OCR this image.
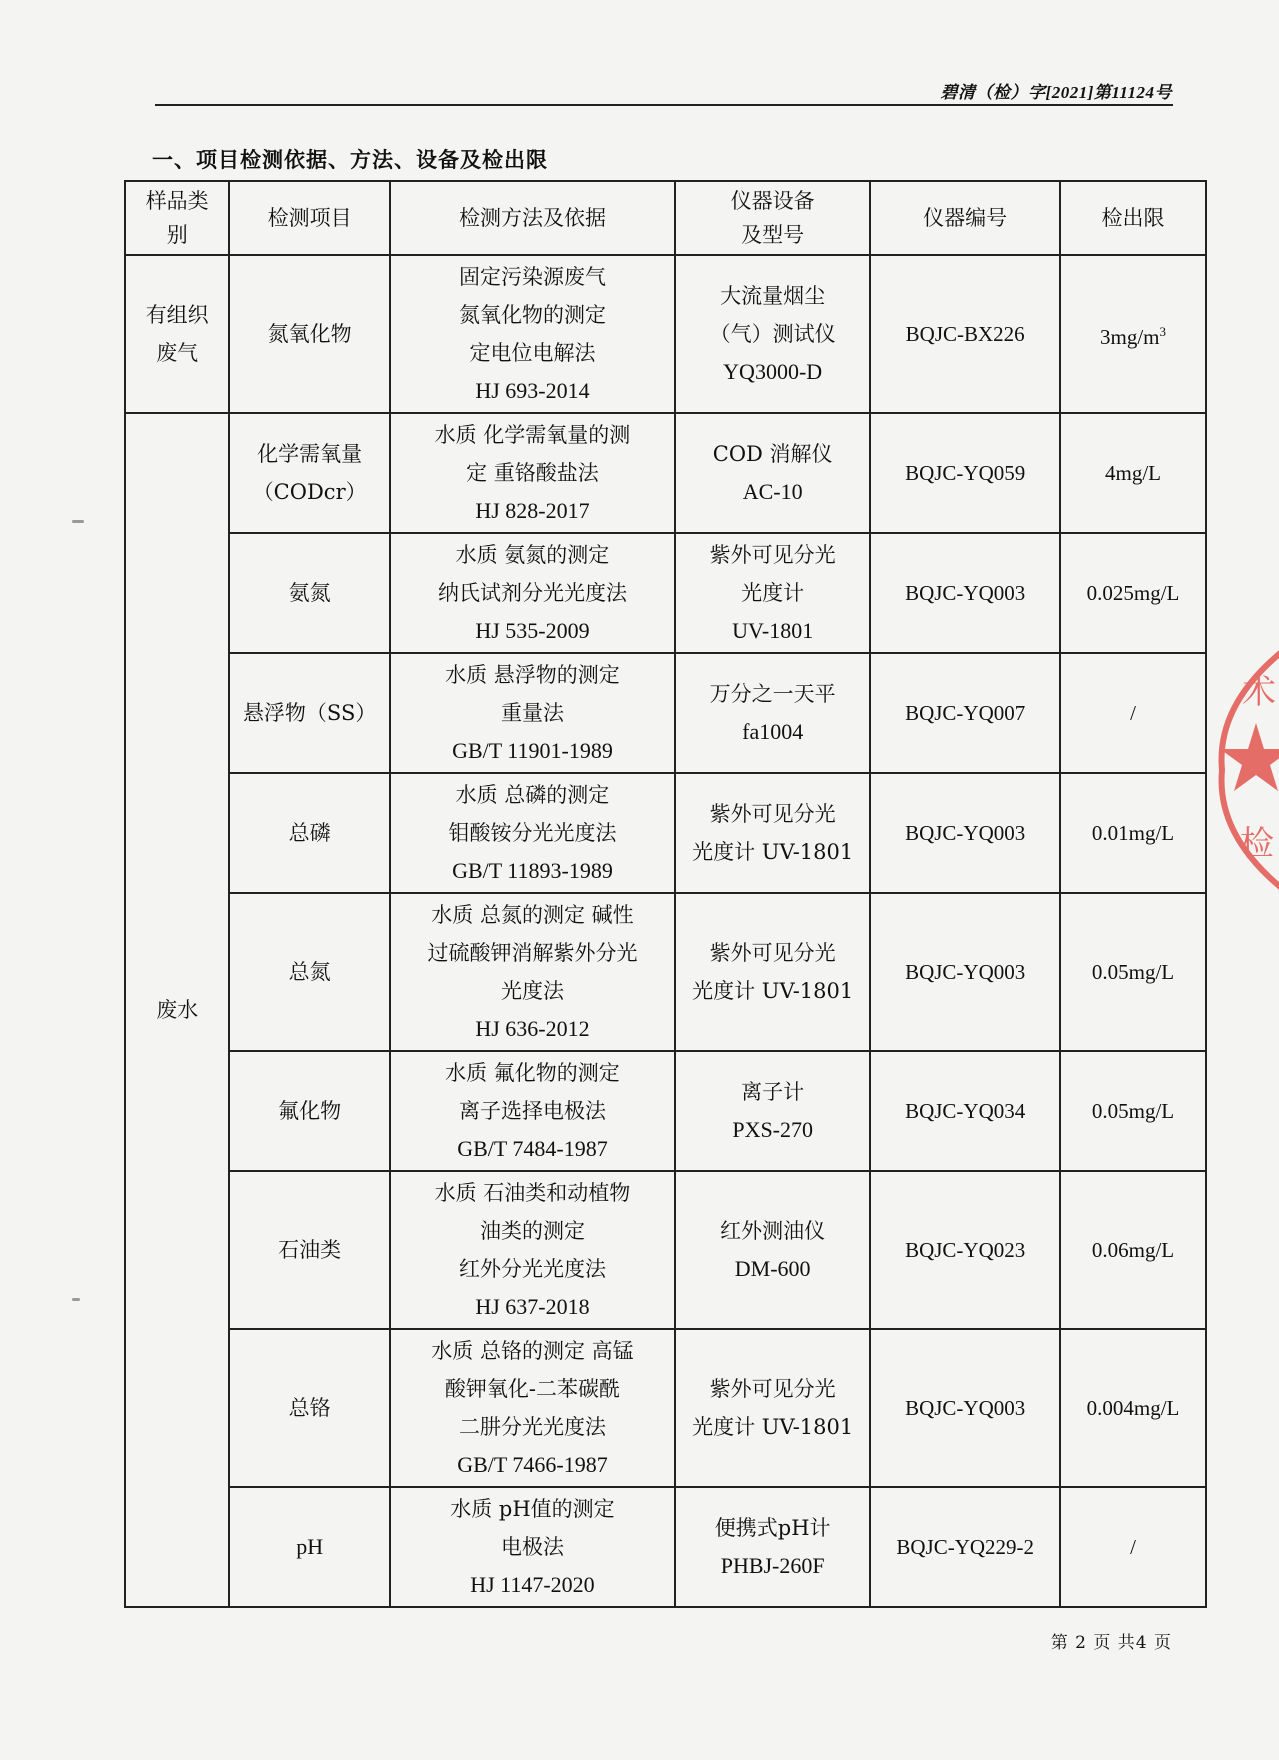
碧清（检）字[2021]第11124号
一、项目检测依据、方法、设备及检出限
样品类
别	检测项目	检测方法及依据	仪器设备
及型号	仪器编号	检出限

有组织
废气	氮氧化物	固定污染源废气
氮氧化物的测定
定电位电解法
HJ 693-2014	大流量烟尘
（气）测试仪
YQ3000-D	BQJC-BX226	$3mg/m^3$

废水	化学需氧量
（CODcr）	水质 化学需氧量的测
定 重铬酸盐法
HJ 828-2017	COD 消解仪
AC-10	BQJC-YQ059	4mg/L

	氨氮	水质 氨氮的测定
纳氏试剂分光光度法
HJ 535-2009	紫外可见分光
光度计
UV-1801	BQJC-YQ003	0.025mg/L

	悬浮物（SS）	水质 悬浮物的测定
重量法
GB/T 11901-1989	万分之一天平
fa1004	BQJC-YQ007	/

	总磷	水质 总磷的测定
钼酸铵分光光度法
GB/T 11893-1989	紫外可见分光
光度计 UV-1801	BQJC-YQ003	0.01mg/L

	总氮	水质 总氮的测定 碱性
过硫酸钾消解紫外分光
光度法
HJ 636-2012	紫外可见分光
光度计 UV-1801	BQJC-YQ003	0.05mg/L

	氟化物	水质 氟化物的测定
离子选择电极法
GB/T 7484-1987	离子计
PXS-270	BQJC-YQ034	0.05mg/L

	石油类	水质 石油类和动植物
油类的测定
红外分光光度法
HJ 637-2018	红外测油仪
DM-600	BQJC-YQ023	0.06mg/L

	总铬	水质 总铬的测定 高锰
酸钾氧化-二苯碳酰
二肼分光光度法
GB/T 7466-1987	紫外可见分光
光度计 UV-1801	BQJC-YQ003	0.004mg/L

	pH	水质 pH值的测定
电极法
HJ 1147-2020	便携式pH计
PHBJ-260F	BQJC-YQ229-2	/
第 2 页 共4 页
术
检
